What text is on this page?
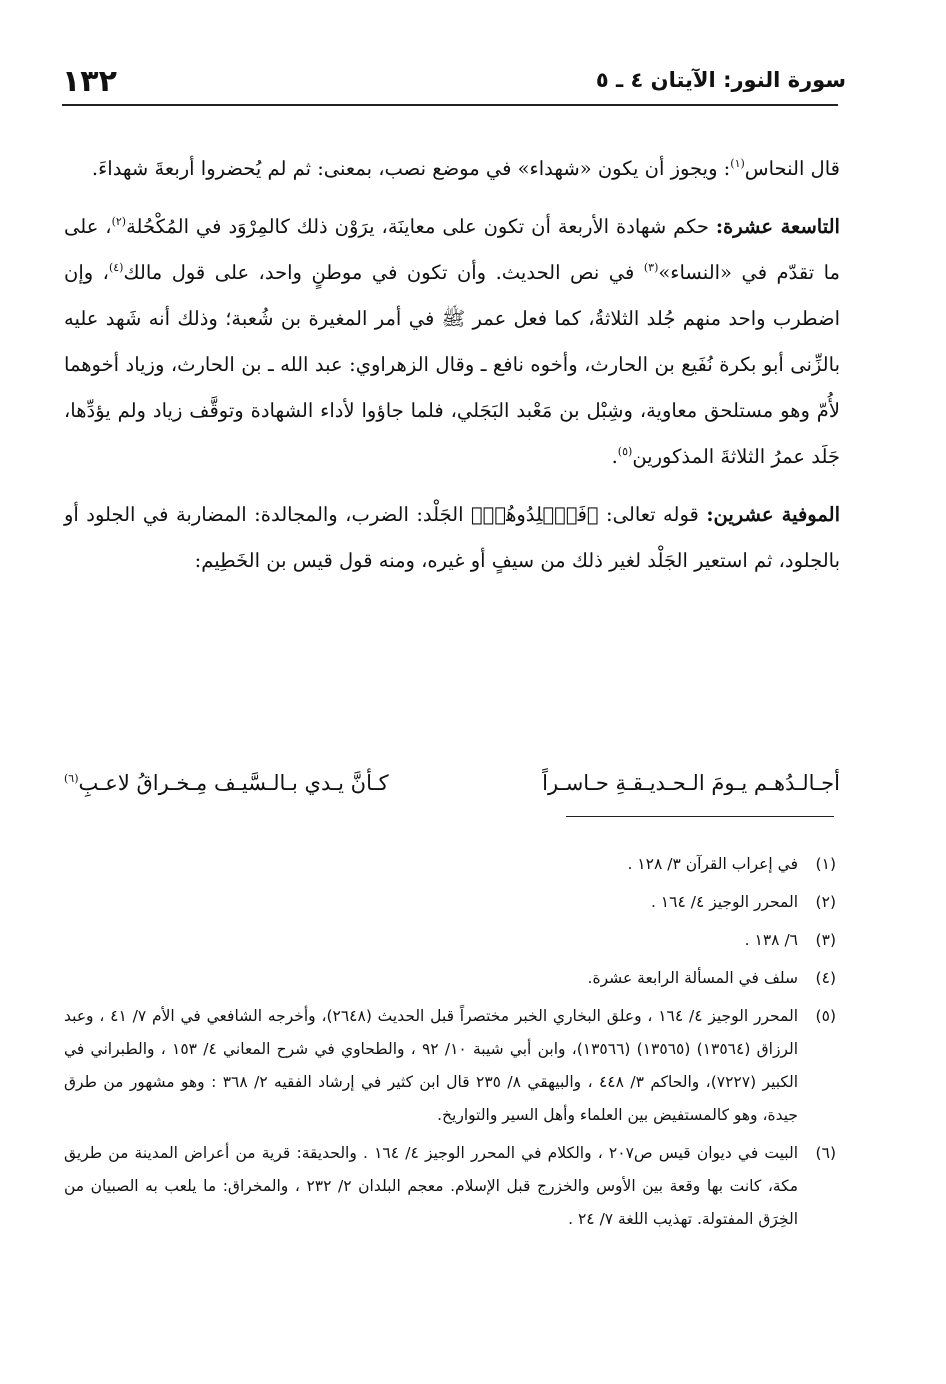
سورة النور: الآيتان ٤ ـ ٥
١٣٢

قال النحاس$^{(١)}$: ويجوز أن يكون «شهداء» في موضع نصب، بمعنى: ثم لم يُحضروا أربعةَ شهداءَ.

التاسعة عشرة: حكم شهادة الأربعة أن تكون على معاينَة، يرَوْن ذلك كالمِرْوَد في المُكْحُلة$^{(٢)}$، على ما تقدّم في «النساء»$^{(٣)}$ في نص الحديث. وأن تكون في موطنٍ واحد، على قول مالك$^{(٤)}$، وإن اضطرب واحد منهم جُلد الثلاثةُ، كما فعل عمر ﷺ في أمر المغيرة بن شُعبة؛ وذلك أنه شَهد عليه بالزِّنى أبو بكرة نُفَيع بن الحارث، وأخوه نافع ـ وقال الزهراوي: عبد الله ـ بن الحارث، وزياد أخوهما لأُمّ وهو مستلحق معاوية، وشِبْل بن مَعْبد البَجَلي، فلما جاؤوا لأداء الشهادة وتوقَّف زياد ولم يؤدِّها، جَلَد عمرُ الثلاثةَ المذكورين$^{(٥)}$.

الموفية عشرين: قوله تعالى: ﴿فَٱجۡلِدُوهُمۡ﴾ الجَلْد: الضرب، والمجالدة: المضاربة في الجلود أو بالجلود، ثم استعير الجَلْد لغير ذلك من سيفٍ أو غيره، ومنه قول قيس بن الخَطِيم:

أجـالـدُهـم يـومَ الـحـديـقـةِ حـاسـراً
كـأنَّ يـدي بـالـسَّيـف مِـخـراقُ لاعـبِ$^{(٦)}$
(١)
في إعراب القرآن ٣/ ١٢٨ .
(٢)
المحرر الوجيز ٤/ ١٦٤ .
(٣)
٦/ ١٣٨ .
(٤)
سلف في المسألة الرابعة عشرة.
(٥)
المحرر الوجيز ٤/ ١٦٤ ، وعلق البخاري الخبر مختصراً قبل الحديث (٢٦٤٨)، وأخرجه الشافعي في الأم ٧/ ٤١ ، وعبد الرزاق (١٣٥٦٤) (١٣٥٦٥) (١٣٥٦٦)، وابن أبي شيبة ١٠/ ٩٢ ، والطحاوي في شرح المعاني ٤/ ١٥٣ ، والطبراني في الكبير (٧٢٢٧)، والحاكم ٣/ ٤٤٨ ، والبيهقي ٨/ ٢٣٥ قال ابن كثير في إرشاد الفقيه ٢/ ٣٦٨ : وهو مشهور من طرق جيدة، وهو كالمستفيض بين العلماء وأهل السير والتواريخ.
(٦)
البيت في ديوان قيس ص٢٠٧ ، والكلام في المحرر الوجيز ٤/ ١٦٤ . والحديقة: قرية من أعراض المدينة من طريق مكة، كانت بها وقعة بين الأوس والخزرج قبل الإسلام. معجم البلدان ٢/ ٢٣٢ ، والمخراق: ما يلعب به الصبيان من الخِرَق المفتولة. تهذيب اللغة ٧/ ٢٤ .
